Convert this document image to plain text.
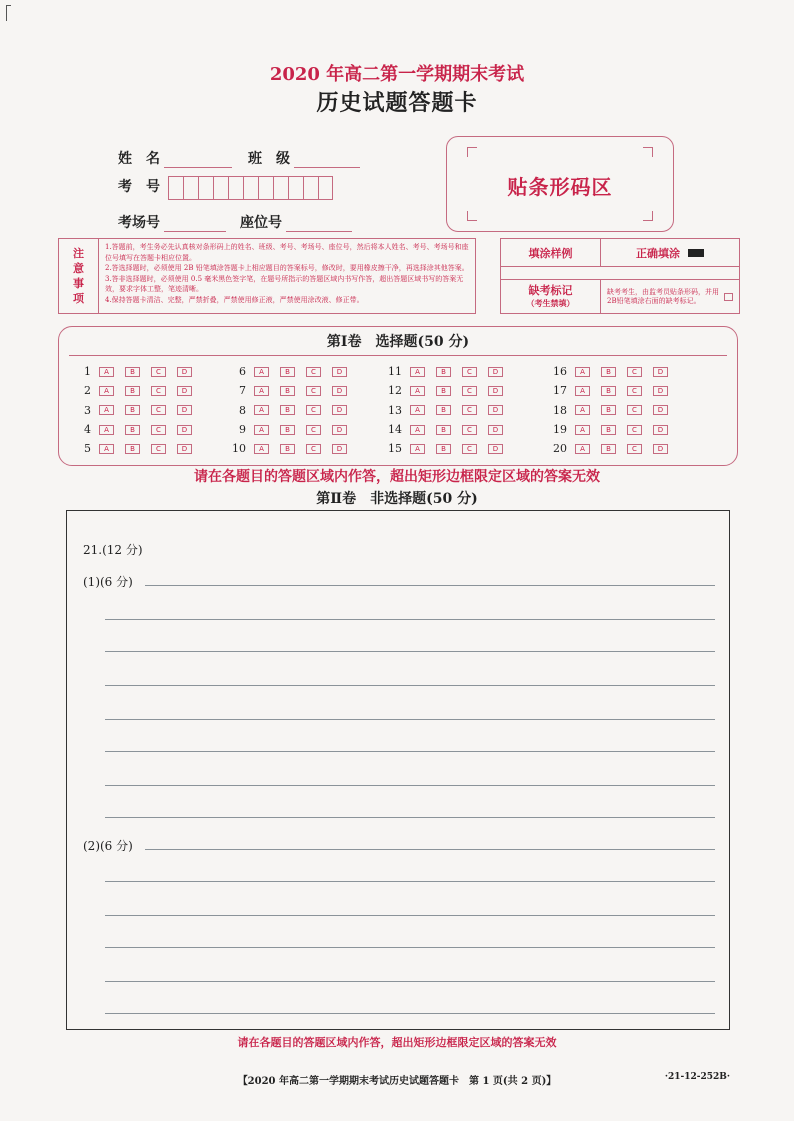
2020 年高二第一学期期末考试
历史试题答题卡
姓　名	班　级
考　号
考场号	座位号
贴条形码区
注
意
事
项
1.答题前，考生务必先认真核对条形码上的姓名、班级、考号、考场号、座位号，然后将本人姓名、考号、考场号和座位号填写在答题卡相应位置。
2.答选择题时，必须使用 2B 铅笔填涂答题卡上相应题目的答案标号，修改时，要用橡皮擦干净，再选择涂其他答案。
3.答非选择题时，必须使用 0.5 毫米黑色签字笔，在题号所指示的答题区域内书写作答，超出答题区域书写的答案无效，要求字体工整，笔迹清晰。
4.保持答题卡清洁、完整，严禁折叠，严禁使用修正液，严禁使用涂改液、修正带。
填涂样例	正确填涂
缺考标记
（考生禁填）
缺考考生，由监考员贴条形码，并用2B铅笔填涂右面的缺考标记。
第Ⅰ卷　选择题(50 分)
1	A	B	C	D
2	A	B	C	D
3	A	B	C	D
4	A	B	C	D
5	A	B	C	D
6	A	B	C	D
7	A	B	C	D
8	A	B	C	D
9	A	B	C	D
10	A	B	C	D
11	A	B	C	D
12	A	B	C	D
13	A	B	C	D
14	A	B	C	D
15	A	B	C	D
16	A	B	C	D
17	A	B	C	D
18	A	B	C	D
19	A	B	C	D
20	A	B	C	D
请在各题目的答题区域内作答，超出矩形边框限定区域的答案无效
第Ⅱ卷　非选择题(50 分)
21.(12 分)
(1)(6 分)
(2)(6 分)
请在各题目的答题区域内作答，超出矩形边框限定区域的答案无效
【2020 年高二第一学期期末考试历史试题答题卡　第 1 页(共 2 页)】	·21-12-252B·
